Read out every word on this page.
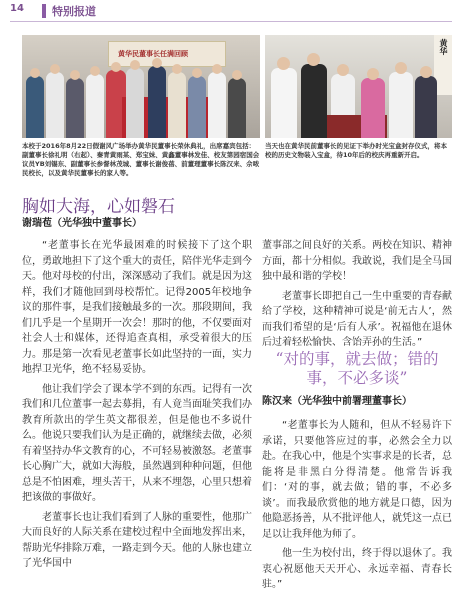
14	特别报道
黄华民董事长任满回顾	黄华
本校于2016年8月22日假谢风广场举办黄华民董事长荣休典礼，出席嘉宾包括：副董事长徐礼明（右起）、秦青黄雨某、郑宝妹、黄鑫董事林发佳、校友第园宿国会议员YB刘锡东、副董事长参督林茂城、董事长谢俊蓓、前董理董事长陈汉来、佘哝民校长，以及黄华民董事长的家人等。
当天也在黄华民前董事长的见证下举办时光宝盒封存仪式，将本校的历史文物装入宝盒，待10年后的校庆再重新开启。
胸如大海，心如磐石
谢瑞苞（光华独中董事长）

“老董事长在光华最困难的时候接下了这个职位，勇敢地担下了这个重大的责任，陪伴光华走到今天。他对母校的付出，深深感动了我们。就是因为这样，我们才随他回到母校帮忙。记得2005年校地争议的那件事，是我们接触最多的一次。那段期间，我们几乎是一个星期开一次会！那时的他，不仅要面对社会人士和媒体，还得追查真相，承受着很大的压力。那是第一次看见老董事长如此坚持的一面，实力地捍卫光华，绝不轻易妥协。

他让我们学会了课本学不到的东西。记得有一次我们和几位董事一起去募捐，有人竟当面耻笑我们办教育所款出的学生英文都很差，但是他也不多说什么。他说只要我们认为是正确的，就继续去做，必须有着坚持办华文教育的心，不可轻易被激怒。老董事长心胸广大，就如大海般，虽然遇到种种问题，但他总是不怕困难，埋头苦干，从来不埋怨，心里只想着把该做的事做好。

老董事长也让我们看到了人脉的重要性，他那广大而良好的人际关系在建校过程中全面地发挥出来，帮助光华排除万难，一路走到今天。他的人脉也建立了光华国中

董事部之间良好的关系。两校在知识、精神方面，都十分相似。我敢说，我们是全马国独中最和谐的学校！

老董事长即把自己一生中重要的青春献给了学校，这种精神可说是‘前无古人’，然而我们希望的是‘后有人承’。祝福他在退休后过着轻松愉快、含饴弄孙的生活。”

“对的事，就去做；错的事，不必多谈”
陈汉来（光华独中前署理董事长）

“老董事长为人随和，但从不轻易许下承诺，只要他答应过的事，必然会全力以赴。在我心中，他是个实事求是的长者，总能将是非黑白分得清楚。他常告诉我们：‘对的事，就去做；错的事，不必多谈’。而我最欣赏他的地方就是口德，因为他隐恶扬善，从不批评他人，就凭这一点已足以让我拜他为师了。

他一生为校付出，终于得以退休了。我衷心祝愿他天天开心、永远幸福、青春长驻。”
